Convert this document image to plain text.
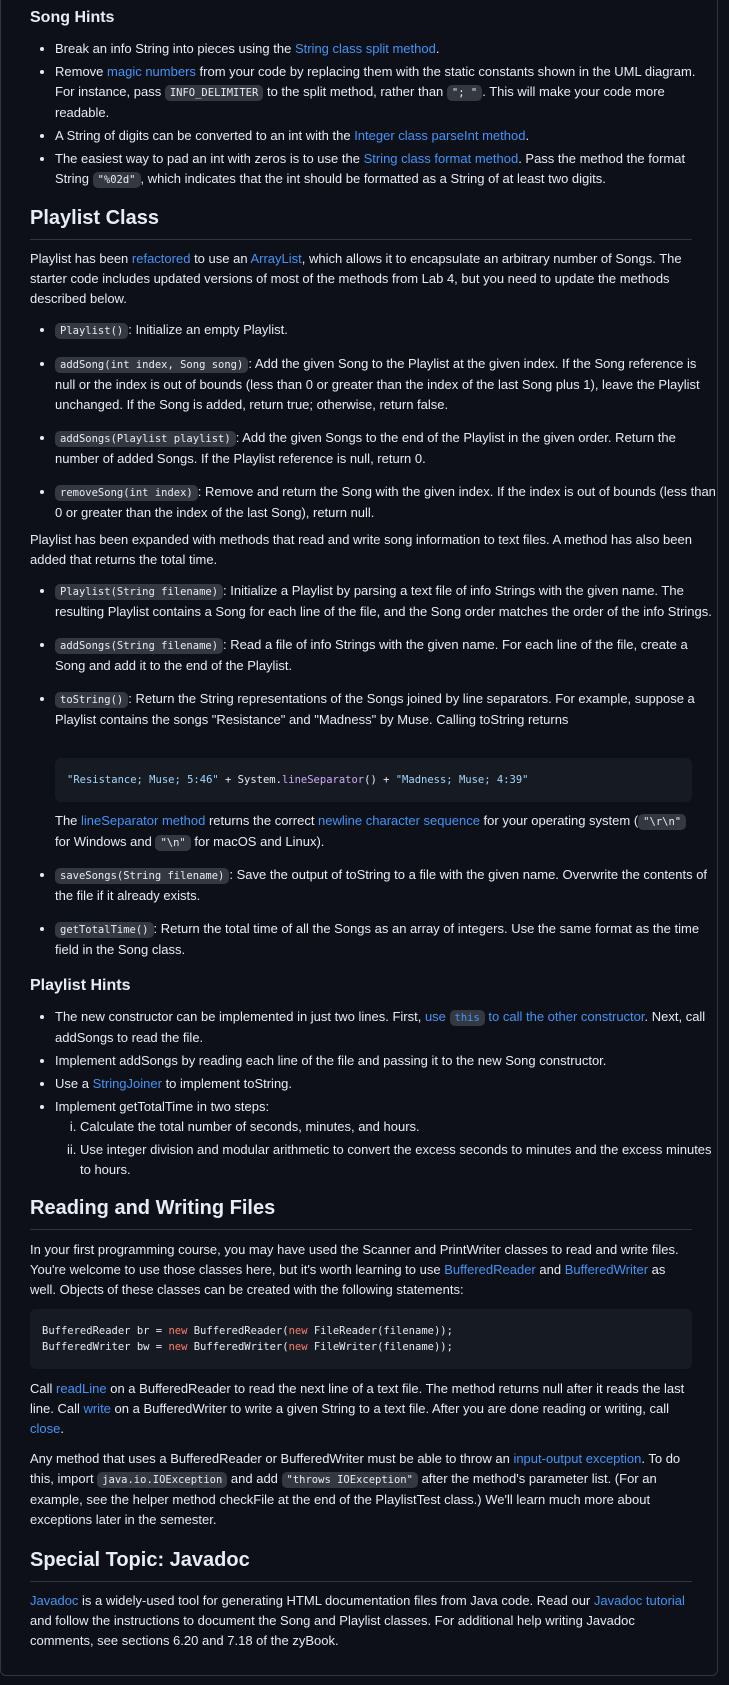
Song Hints
• Break an info String into pieces using the String class split method.
• Remove magic numbers from your code by replacing them with the static constants shown in the UML diagram. For instance, pass INFO_DELIMITER to the split method, rather than "; " . This will make your code more readable.
• A String of digits can be converted to an int with the Integer class parseInt method.
• The easiest way to pad an int with zeros is to use the String class format method. Pass the method the format String "%02d" , which indicates that the int should be formatted as a String of at least two digits.
Playlist Class

Playlist has been refactored to use an ArrayList, which allows it to encapsulate an arbitrary number of Songs. The starter code includes updated versions of most of the methods from Lab 4, but you need to update the methods described below.

• Playlist() : Initialize an empty Playlist.
• addSong(int index, Song song) : Add the given Song to the Playlist at the given index. If the Song reference is null or the index is out of bounds (less than 0 or greater than the index of the last Song plus 1), leave the Playlist unchanged. If the Song is added, return true; otherwise, return false.
• addSongs(Playlist playlist) : Add the given Songs to the end of the Playlist in the given order. Return the number of added Songs. If the Playlist reference is null, return 0.
• removeSong(int index) : Remove and return the Song with the given index. If the index is out of bounds (less than 0 or greater than the index of the last Song), return null.

Playlist has been expanded with methods that read and write song information to text files. A method has also been added that returns the total time.

• Playlist(String filename) : Initialize a Playlist by parsing a text file of info Strings with the given name. The resulting Playlist contains a Song for each line of the file, and the Song order matches the order of the info Strings.
• addSongs(String filename) : Read a file of info Strings with the given name. For each line of the file, create a Song and add it to the end of the Playlist.
• toString() : Return the String representations of the Songs joined by line separators. For example, suppose a Playlist contains the songs "Resistance" and "Madness" by Muse. Calling toString returns
"Resistance; Muse; 5:46" + System.lineSeparator() + "Madness; Muse; 4:39"

The lineSeparator method returns the correct newline character sequence for your operating system ( "\r\n" for Windows and "\n" for macOS and Linux).

• saveSongs(String filename) : Save the output of toString to a file with the given name. Overwrite the contents of the file if it already exists.
• getTotalTime() : Return the total time of all the Songs as an array of integers. Use the same format as the time field in the Song class.
Playlist Hints
• The new constructor can be implemented in just two lines. First, use this to call the other constructor. Next, call addSongs to read the file.
• Implement addSongs by reading each line of the file and passing it to the new Song constructor.
• Use a StringJoiner to implement toString.
• Implement getTotalTime in two steps:
i. Calculate the total number of seconds, minutes, and hours.
ii. Use integer division and modular arithmetic to convert the excess seconds to minutes and the excess minutes to hours.
Reading and Writing Files

In your first programming course, you may have used the Scanner and PrintWriter classes to read and write files. You're welcome to use those classes here, but it's worth learning to use BufferedReader and BufferedWriter as well. Objects of these classes can be created with the following statements:

BufferedReader br = new BufferedReader(new FileReader(filename));
BufferedWriter bw = new BufferedWriter(new FileWriter(filename));

Call readLine on a BufferedReader to read the next line of a text file. The method returns null after it reads the last line. Call write on a BufferedWriter to write a given String to a text file. After you are done reading or writing, call close.

Any method that uses a BufferedReader or BufferedWriter must be able to throw an input-output exception. To do this, import java.io.IOException and add "throws IOException" after the method's parameter list. (For an example, see the helper method checkFile at the end of the PlaylistTest class.) We'll learn much more about exceptions later in the semester.

Special Topic: Javadoc

Javadoc is a widely-used tool for generating HTML documentation files from Java code. Read our Javadoc tutorial and follow the instructions to document the Song and Playlist classes. For additional help writing Javadoc comments, see sections 6.20 and 7.18 of the zyBook.
